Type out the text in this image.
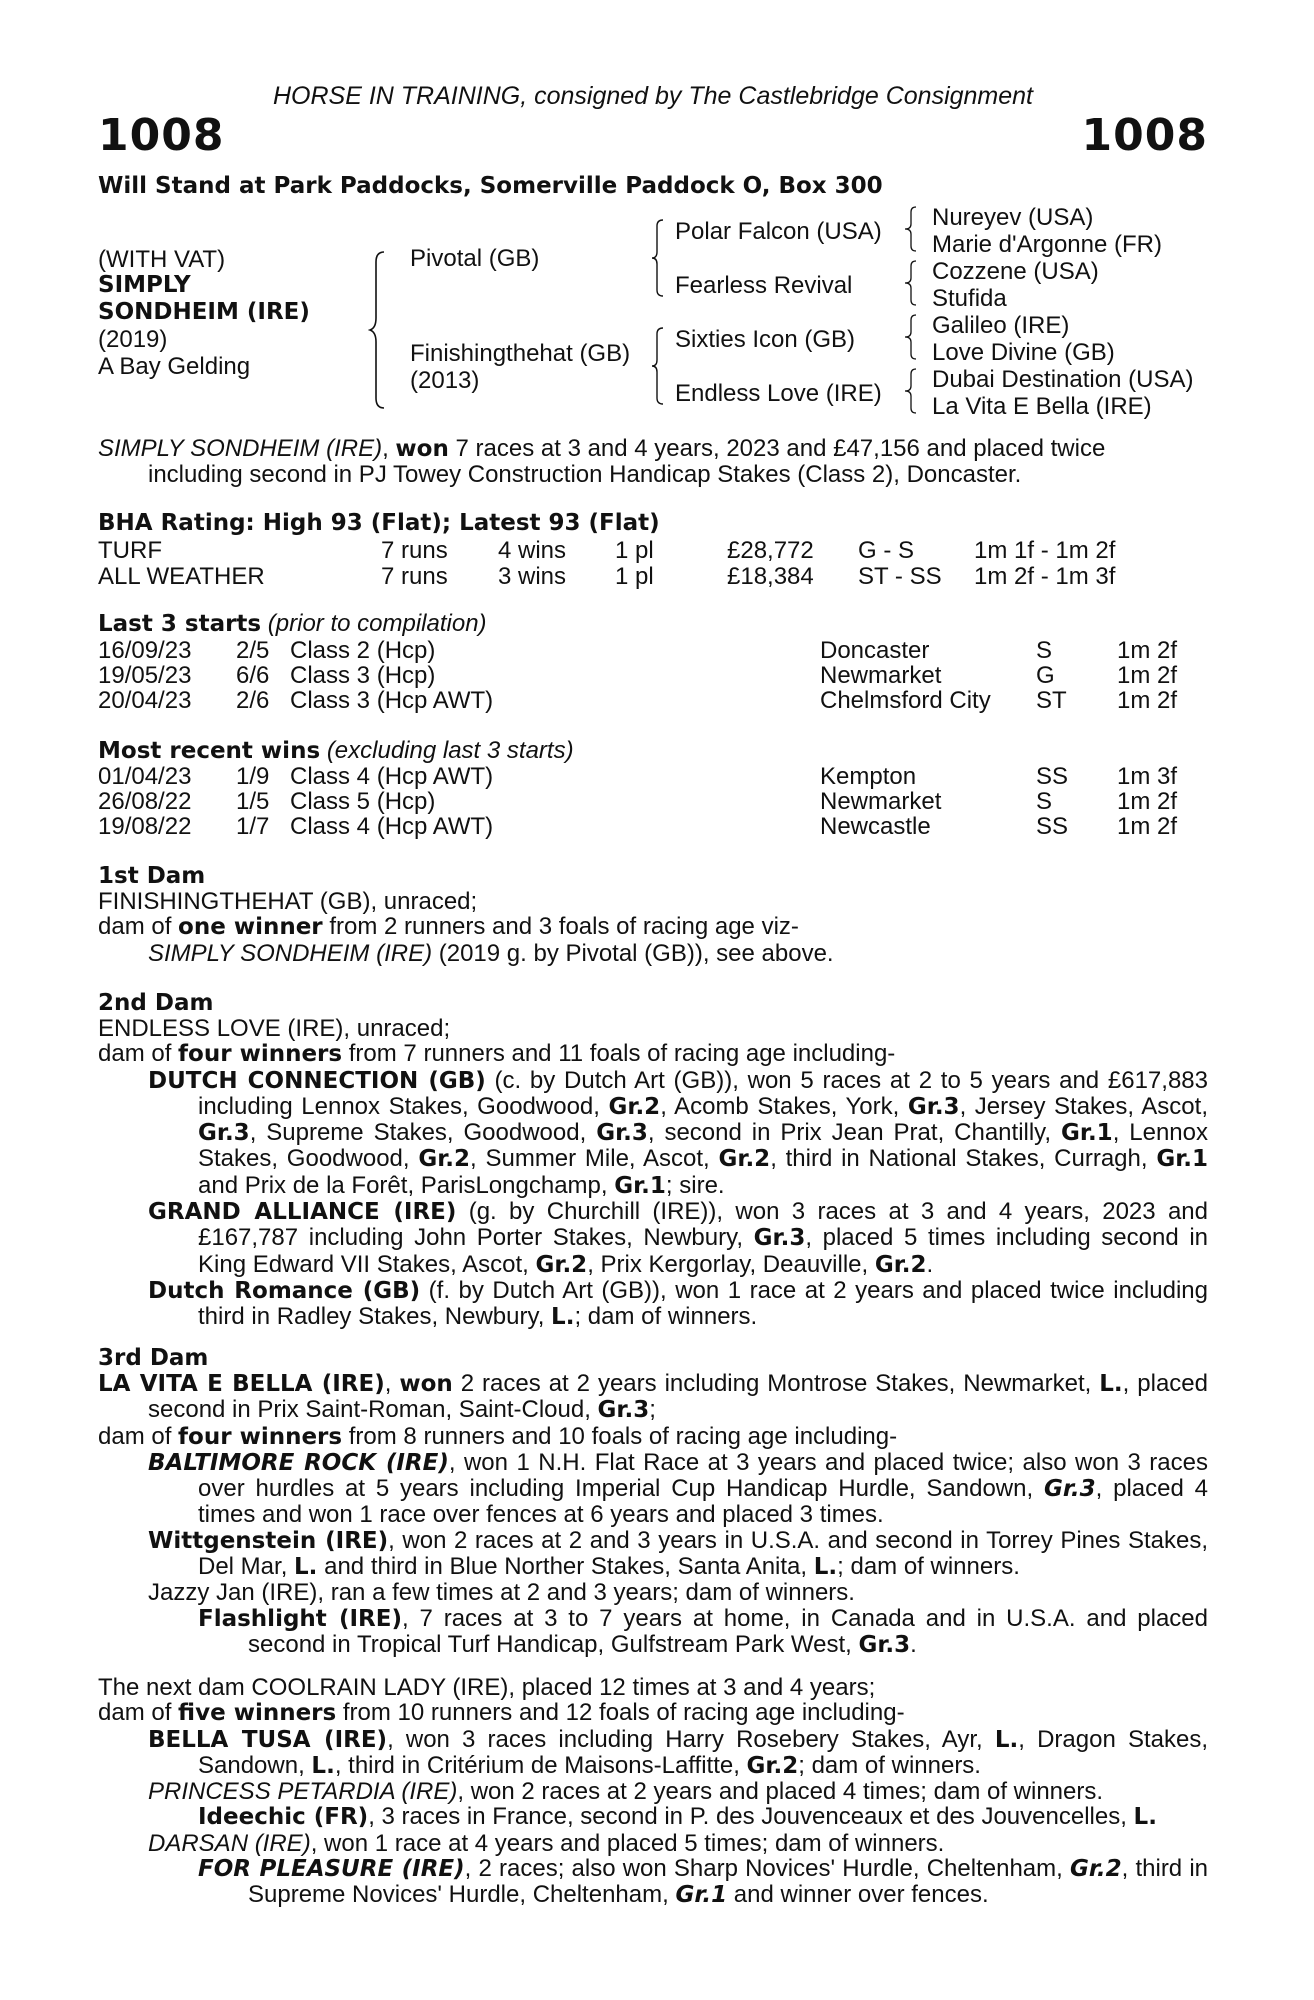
HORSE IN TRAINING, consigned by The Castlebridge Consignment
1008	1008
Will Stand at Park Paddocks, Somerville Paddock O, Box 300
(WITH VAT)
SIMPLY
SONDHEIM (IRE)
(2019)
A Bay Gelding
Pivotal (GB)
Finishingthehat (GB)
(2013)
Polar Falcon (USA)
Fearless Revival
Sixties Icon (GB)
Endless Love (IRE)
Nureyev (USA)
Marie d'Argonne (FR)
Cozzene (USA)
Stufida
Galileo (IRE)
Love Divine (GB)
Dubai Destination (USA)
La Vita E Bella (IRE)
SIMPLY SONDHEIM (IRE), won 7 races at 3 and 4 years, 2023 and £47,156 and placed twice
including second in PJ Towey Construction Handicap Stakes (Class 2), Doncaster.
BHA Rating: High 93 (Flat); Latest 93 (Flat)
TURF	7 runs 4 wins 1 pl	£28,772 G - S 1m 1f - 1m 2f
ALL WEATHER	7 runs 3 wins 1 pl	£18,384 ST - SS 1m 2f - 1m 3f
Last 3 starts (prior to compilation)
16/09/23 2/5 Class 2 (Hcp)	Doncaster	S	1m 2f
19/05/23 6/6 Class 3 (Hcp)	Newmarket	G	1m 2f
20/04/23 2/6 Class 3 (Hcp AWT)	Chelmsford City ST 1m 2f
Most recent wins (excluding last 3 starts)
01/04/23 1/9 Class 4 (Hcp AWT)	Kempton	SS 1m 3f
26/08/22 1/5 Class 5 (Hcp)	Newmarket	S	1m 2f
19/08/22 1/7 Class 4 (Hcp AWT)	Newcastle	SS 1m 2f
1st Dam
FINISHINGTHEHAT (GB), unraced;
dam of one winner from 2 runners and 3 foals of racing age viz-
SIMPLY SONDHEIM (IRE) (2019 g. by Pivotal (GB)), see above.
2nd Dam
ENDLESS LOVE (IRE), unraced;
dam of four winners from 7 runners and 11 foals of racing age including-
DUTCH CONNECTION (GB) (c. by Dutch Art (GB)), won 5 races at 2 to 5 years and £617,883 including Lennox Stakes, Goodwood, Gr.2, Acomb Stakes, York, Gr.3, Jersey Stakes, Ascot, Gr.3, Supreme Stakes, Goodwood, Gr.3, second in Prix Jean Prat, Chantilly, Gr.1, Lennox Stakes, Goodwood, Gr.2, Summer Mile, Ascot, Gr.2, third in National Stakes, Curragh, Gr.1 and Prix de la Forêt, ParisLongchamp, Gr.1; sire.
GRAND ALLIANCE (IRE) (g. by Churchill (IRE)), won 3 races at 3 and 4 years, 2023 and £167,787 including John Porter Stakes, Newbury, Gr.3, placed 5 times including second in King Edward VII Stakes, Ascot, Gr.2, Prix Kergorlay, Deauville, Gr.2.
Dutch Romance (GB) (f. by Dutch Art (GB)), won 1 race at 2 years and placed twice including third in Radley Stakes, Newbury, L.; dam of winners.
3rd Dam
LA VITA E BELLA (IRE), won 2 races at 2 years including Montrose Stakes, Newmarket, L., placed second in Prix Saint-Roman, Saint-Cloud, Gr.3;
dam of four winners from 8 runners and 10 foals of racing age including-
BALTIMORE ROCK (IRE), won 1 N.H. Flat Race at 3 years and placed twice; also won 3 races over hurdles at 5 years including Imperial Cup Handicap Hurdle, Sandown, Gr.3, placed 4 times and won 1 race over fences at 6 years and placed 3 times.
Wittgenstein (IRE), won 2 races at 2 and 3 years in U.S.A. and second in Torrey Pines Stakes, Del Mar, L. and third in Blue Norther Stakes, Santa Anita, L.; dam of winners.
Jazzy Jan (IRE), ran a few times at 2 and 3 years; dam of winners.
Flashlight (IRE), 7 races at 3 to 7 years at home, in Canada and in U.S.A. and placed second in Tropical Turf Handicap, Gulfstream Park West, Gr.3.
The next dam COOLRAIN LADY (IRE), placed 12 times at 3 and 4 years;
dam of five winners from 10 runners and 12 foals of racing age including-
BELLA TUSA (IRE), won 3 races including Harry Rosebery Stakes, Ayr, L., Dragon Stakes, Sandown, L., third in Critérium de Maisons-Laffitte, Gr.2; dam of winners.
PRINCESS PETARDIA (IRE), won 2 races at 2 years and placed 4 times; dam of winners.
Ideechic (FR), 3 races in France, second in P. des Jouvenceaux et des Jouvencelles, L.
DARSAN (IRE), won 1 race at 4 years and placed 5 times; dam of winners.
FOR PLEASURE (IRE), 2 races; also won Sharp Novices' Hurdle, Cheltenham, Gr.2, third in Supreme Novices' Hurdle, Cheltenham, Gr.1 and winner over fences.
